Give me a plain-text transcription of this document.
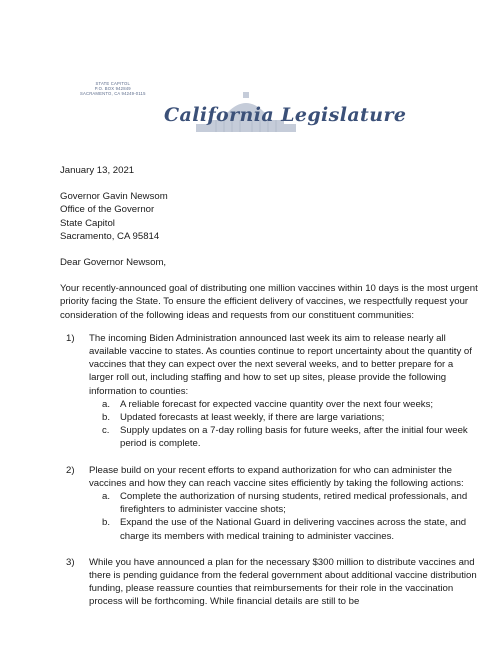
STATE CAPITOL
P.O. BOX 942849
SACRAMENTO, CA 94249-0115
California Legislature
January 13, 2021
Governor Gavin Newsom
Office of the Governor
State Capitol
Sacramento, CA 95814
Dear Governor Newsom,

Your recently-announced goal of distributing one million vaccines within 10 days is the most urgent priority facing the State. To ensure the efficient delivery of vaccines, we respectfully request your consideration of the following ideas and requests from our constituent communities:

1) The incoming Biden Administration announced last week its aim to release nearly all available vaccine to states. As counties continue to report uncertainty about the quantity of vaccines that they can expect over the next several weeks, and to better prepare for a larger roll out, including staffing and how to set up sites, please provide the following information to counties:
a. A reliable forecast for expected vaccine quantity over the next four weeks;
b. Updated forecasts at least weekly, if there are large variations;
c. Supply updates on a 7-day rolling basis for future weeks, after the initial four week period is complete.
2) Please build on your recent efforts to expand authorization for who can administer the vaccines and how they can reach vaccine sites efficiently by taking the following actions:
a. Complete the authorization of nursing students, retired medical professionals, and firefighters to administer vaccine shots;
b. Expand the use of the National Guard in delivering vaccines across the state, and charge its members with medical training to administer vaccines.
3) While you have announced a plan for the necessary $300 million to distribute vaccines and there is pending guidance from the federal government about additional vaccine distribution funding, please reassure counties that reimbursements for their role in the vaccination process will be forthcoming. While financial details are still to be
